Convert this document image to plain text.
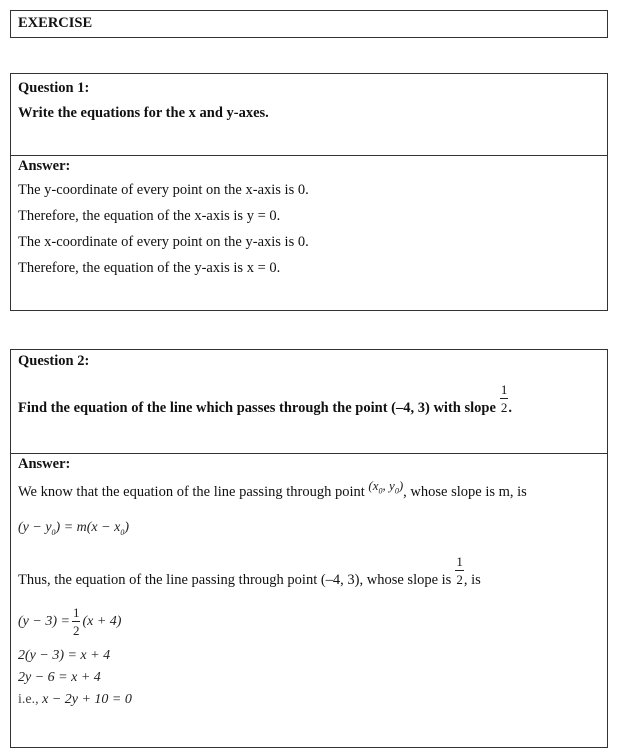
EXERCISE
Question 1:
Write the equations for the x and y-axes.
Answer:
The y-coordinate of every point on the x-axis is 0.
Therefore, the equation of the x-axis is y = 0.
The x-coordinate of every point on the y-axis is 0.
Therefore, the equation of the y-axis is x = 0.
Question 2:
Find the equation of the line which passes through the point (–4, 3) with slope $\frac{1}{2}$ .
Answer:
We know that the equation of the line passing through point ($x_0$, $y_0$), whose slope is m, is
$(y - y_0) = m(x - x_0)$
Thus, the equation of the line passing through point (–4, 3), whose slope is $\frac{1}{2}$ , is
$(y - 3) = \frac{1}{2} (x + 4)$
2(y − 3) = x + 4
2y − 6 = x + 4
i.e., x − 2y + 10 = 0
